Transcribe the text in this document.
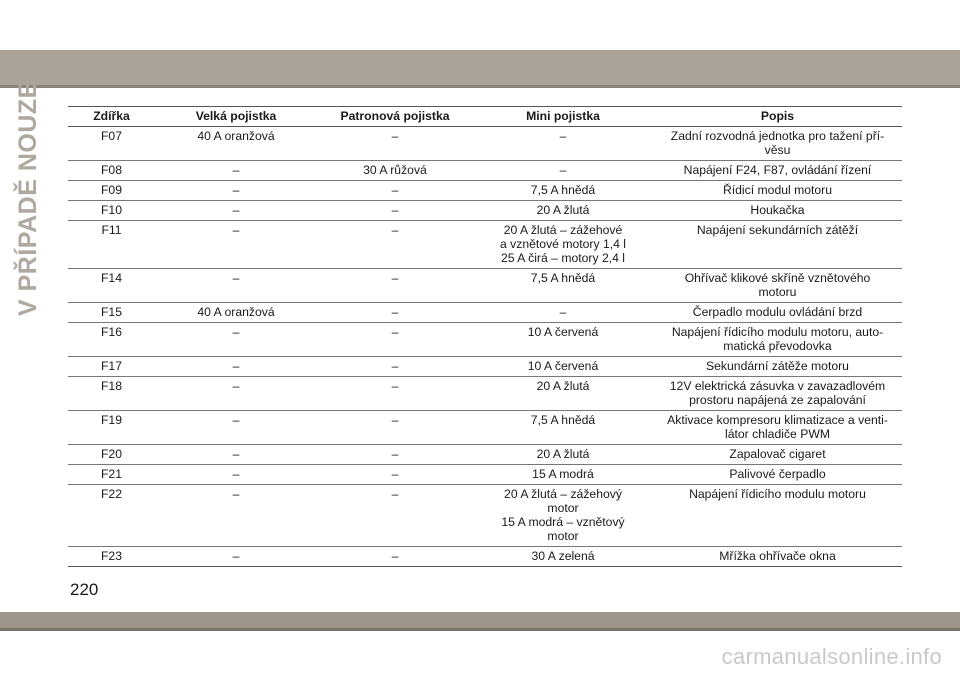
V PŘÍPADĚ NOUZE	Zdířka	Velká pojistka	Patronová pojistka	Mini pojistka	Popis

F07	40 A oranžová	–	–	Zadní rozvodná jednotka pro tažení pří-
věsu

F08	–	30 A růžová	–	Napájení F24, F87, ovládání řízení

F09	–	–	7,5 A hnědá	Řídicí modul motoru

F10	–	–	20 A žlutá	Houkačka

F11	–	–	20 A žlutá – zážehové
a vznětové motory 1,4 l
25 A čirá – motory 2,4 l	Napájení sekundárních zátěží

F14	–	–	7,5 A hnědá	Ohřívač klikové skříně vznětového
motoru

F15	40 A oranžová	–	–	Čerpadlo modulu ovládání brzd

F16	–	–	10 A červená	Napájení řídicího modulu motoru, auto-
matická převodovka

F17	–	–	10 A červená	Sekundární zátěže motoru

F18	–	–	20 A žlutá	12V elektrická zásuvka v zavazadlovém
prostoru napájená ze zapalování

F19	–	–	7,5 A hnědá	Aktivace kompresoru klimatizace a venti-
látor chladiče PWM

F20	–	–	20 A žlutá	Zapalovač cigaret

F21	–	–	15 A modrá	Palivové čerpadlo

F22	–	–	20 A žlutá – zážehový
motor
15 A modrá – vznětový
motor	Napájení řídicího modulu motoru

F23	–	–	30 A zelená	Mřížka ohřívače okna
220
carmanualsonline.info
